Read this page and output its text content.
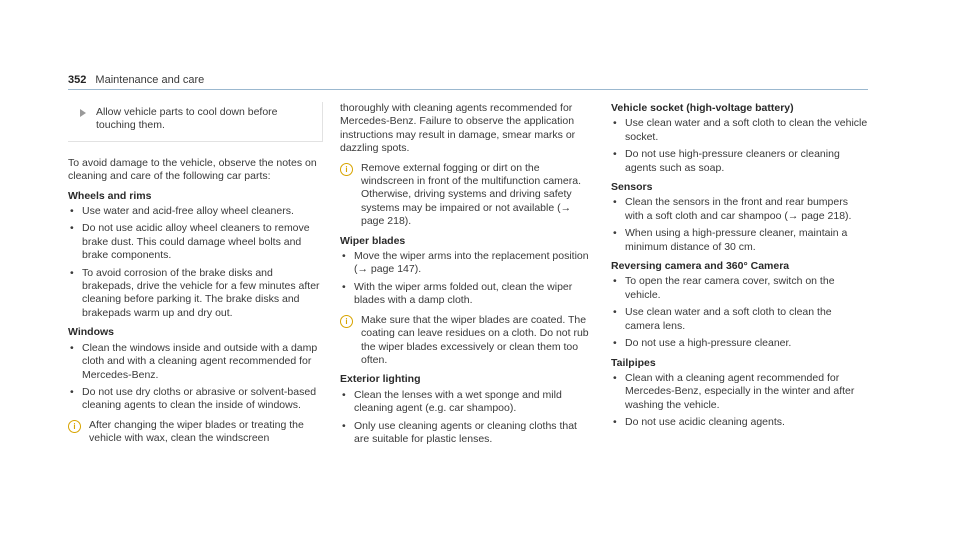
352 Maintenance and care
Allow vehicle parts to cool down before touching them.

To avoid damage to the vehicle, observe the notes on cleaning and care of the following car parts:

Wheels and rims
• Use water and acid-free alloy wheel cleaners.
• Do not use acidic alloy wheel cleaners to remove brake dust. This could damage wheel bolts and brake components.
• To avoid corrosion of the brake disks and brakepads, drive the vehicle for a few minutes after cleaning before parking it. The brake disks and brakepads warm up and dry out.
Windows
• Clean the windows inside and outside with a damp cloth and with a cleaning agent recommended for Mercedes-Benz.
• Do not use dry cloths or abrasive or solvent-based cleaning agents to clean the inside of windows.
i	After changing the wiper blades or treating the vehicle with wax, clean the windscreen

thoroughly with cleaning agents recommended for Mercedes-Benz. Failure to observe the application instructions may result in damage, smear marks or dazzling spots.

i	Remove external fogging or dirt on the windscreen in front of the multifunction camera. Otherwise, driving systems and driving safety systems may be impaired or not available (→ page 218).
Wiper blades
• Move the wiper arms into the replacement position (→ page 147).
• With the wiper arms folded out, clean the wiper blades with a damp cloth.
i	Make sure that the wiper blades are coated. The coating can leave residues on a cloth. Do not rub the wiper blades excessively or clean them too often.
Exterior lighting
• Clean the lenses with a wet sponge and mild cleaning agent (e.g. car shampoo).
• Only use cleaning agents or cleaning cloths that are suitable for plastic lenses.
Vehicle socket (high-voltage battery)
• Use clean water and a soft cloth to clean the vehicle socket.
• Do not use high-pressure cleaners or cleaning agents such as soap.
Sensors
• Clean the sensors in the front and rear bumpers with a soft cloth and car shampoo (→ page 218).
• When using a high-pressure cleaner, maintain a minimum distance of 30 cm.
Reversing camera and 360° Camera
• To open the rear camera cover, switch on the vehicle.
• Use clean water and a soft cloth to clean the camera lens.
• Do not use a high-pressure cleaner.
Tailpipes
• Clean with a cleaning agent recommended for Mercedes-Benz, especially in the winter and after washing the vehicle.
• Do not use acidic cleaning agents.
